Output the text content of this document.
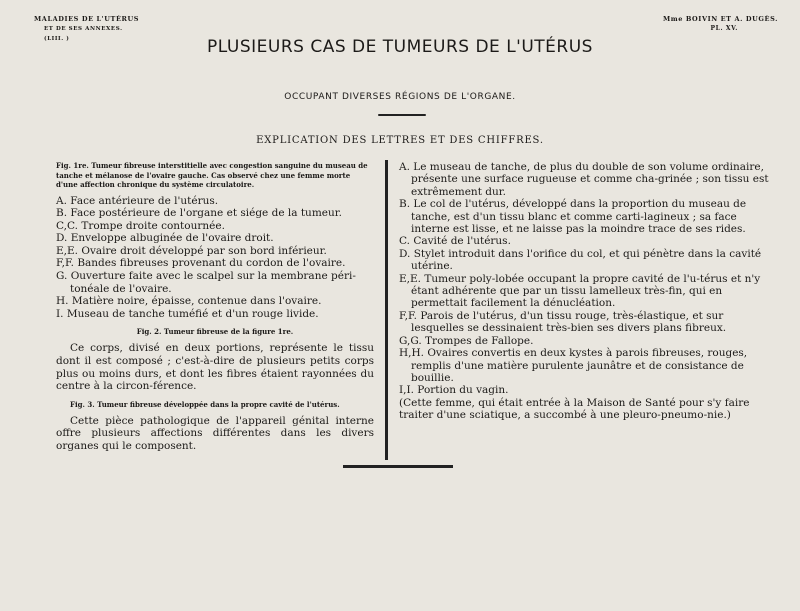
MALADIES DE L'UTÉRUS
ET DE SES ANNEXES.
(LIII. )
Mme BOIVIN ET A. DUGÈS.
PL. XV.
PLUSIEURS CAS DE TUMEURS DE L'UTÉRUS
OCCUPANT DIVERSES RÉGIONS DE L'ORGANE.
EXPLICATION DES LETTRES ET DES CHIFFRES.
Fig. 1re. Tumeur fibreuse interstitielle avec congestion sanguine du museau de tanche et mélanose de l'ovaire gauche. Cas observé chez une femme morte d'une affection chronique du système circulatoire.
A. Face antérieure de l'utérus.
B. Face postérieure de l'organe et siége de la tumeur.
C,C. Trompe droite contournée.
D. Enveloppe albuginée de l'ovaire droit.
E,E. Ovaire droit développé par son bord inférieur.
F,F. Bandes fibreuses provenant du cordon de l'ovaire.
G. Ouverture faite avec le scalpel sur la membrane péri-tonéale de l'ovaire.
H. Matière noire, épaisse, contenue dans l'ovaire.
I. Museau de tanche tuméfié et d'un rouge livide.
Fig. 2. Tumeur fibreuse de la figure 1re.
Ce corps, divisé en deux portions, représente le tissu dont il est composé ; c'est-à-dire de plusieurs petits corps plus ou moins durs, et dont les fibres étaient rayonnées du centre à la circon-férence.
Fig. 3. Tumeur fibreuse développée dans la propre cavité de l'utérus.
Cette pièce pathologique de l'appareil génital interne offre plusieurs affections différentes dans les divers organes qui le composent.
A. Le museau de tanche, de plus du double de son volume ordinaire, présente une surface rugueuse et comme cha-grinée ; son tissu est extrêmement dur.
B. Le col de l'utérus, développé dans la proportion du museau de tanche, est d'un tissu blanc et comme carti-lagineux ; sa face interne est lisse, et ne laisse pas la moindre trace de ses rides.
C. Cavité de l'utérus.
D. Stylet introduit dans l'orifice du col, et qui pénètre dans la cavité utérine.
E,E. Tumeur poly-lobée occupant la propre cavité de l'u-térus et n'y étant adhérente que par un tissu lamelleux très-fin, qui en permettait facilement la dénucléation.
F,F. Parois de l'utérus, d'un tissu rouge, très-élastique, et sur lesquelles se dessinaient très-bien ses divers plans fibreux.
G,G. Trompes de Fallope.
H,H. Ovaires convertis en deux kystes à parois fibreuses, rouges, remplis d'une matière purulente jaunâtre et de consistance de bouillie.
I,I. Portion du vagin.
(Cette femme, qui était entrée à la Maison de Santé pour s'y faire traiter d'une sciatique, a succombé à une pleuro-pneumo-nie.)
